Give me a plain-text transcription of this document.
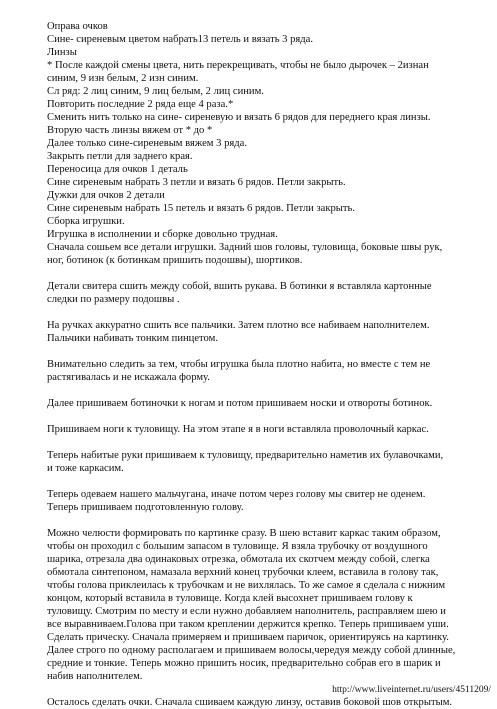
Оправа очков
Сине- сиреневым цветом набрать13 петель и вязать 3 ряда.
Линзы
* После каждой смены цвета, нить перекрещивать, чтобы не было дырочек – 2изнан
синим, 9 изн белым, 2 изн синим.
Сл ряд: 2 лиц синим, 9 лиц белым, 2 лиц синим.
Повторить последние 2 ряда еще 4 раза.*
Сменить нить только на сине- сиреневую и вязать 6 рядов для переднего края линзы.
Вторую часть линзы вяжем от * до *
Далее только сине-сиреневым вяжем 3 ряда.
Закрыть петли для заднего края.
Переносица для очков 1 деталь
Сине сиреневым набрать 3 петли и вязать 6 рядов. Петли закрыть.
Дужки для очков 2 детали
Сине сиреневым набрать 15 петель и вязать 6 рядов. Петли закрыть.
Сборка игрушки.
Игрушка в исполнении и сборке довольно трудная.
Сначала сошьем все детали игрушки. Задний шов головы, туловища, боковые швы рук,
ног, ботинок (к ботинкам пришить подошвы), шортиков.
Детали свитера сшить между собой, вшить рукава. В ботинки я вставляла картонные
следки по размеру подошвы .
На ручках аккуратно сшить все пальчики. Затем плотно все набиваем наполнителем.
Пальчики набивать тонким пинцетом.
Внимательно следить за тем, чтобы игрушка была плотно набита, но вместе с тем не
растягивалась и не искажала форму.
Далее пришиваем ботиночки к ногам и потом пришиваем носки и отвороты ботинок.
Пришиваем ноги к туловищу. На этом этапе я в ноги вставляла проволочный каркас.
Теперь набитые руки пришиваем к туловищу, предварительно наметив их булавочками,
и тоже каркасим.
Теперь одеваем нашего мальчугана, иначе потом через голову мы свитер не оденем.
Теперь пришиваем подготовленную голову.
Можно челюсти формировать по картинке сразу. В шею вставит каркас таким образом,
чтобы он проходил с большим запасом в туловище. Я взяла трубочку от воздушного
шарика, отрезала два одинаковых отрезка, обмотала их скотчем между собой, слегка
обмотала синтепоном, намазала верхний конец трубочки клеем, вставила в голову так,
чтобы голова приклеилась к трубочкам и не вихлялась. То же самое я сделала с нижним
концом, который вставила в туловище. Когда клей высохнет пришиваем голову к
туловищу. Смотрим по месту и если нужно добавляем наполнитель, расправляем шею и
все выравниваем.Голова при таком креплении держится крепко. Теперь пришиваем уши.
Сделать прическу. Сначала примеряем и пришиваем паричок, ориентируясь на картинку.
Далее строго по одному располагаем и пришиваем волосы,чередуя между собой длинные,
средние и тонкие. Теперь можно пришить носик, предварительно собрав его в шарик и
набив наполнителем.
Осталось сделать очки. Сначала сшиваем каждую линзу, оставив боковой шов открытым.
http://www.liveinternet.ru/users/4511209/
